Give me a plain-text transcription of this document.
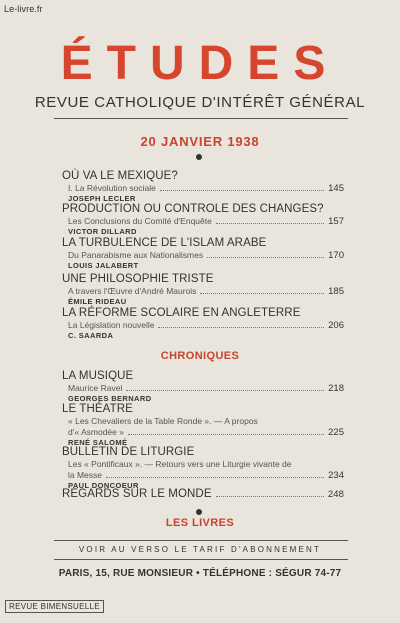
Le-livre.fr
ÉTUDES
REVUE CATHOLIQUE D'INTÉRÊT GÉNÉRAL
20 JANVIER 1938
OÙ VA LE MEXIQUE?
I. La Révolution sociale	145
JOSEPH LECLER
PRODUCTION OU CONTROLE DES CHANGES?
Les Conclusions du Comité d'Enquête	157
VICTOR DILLARD
LA TURBULENCE DE L'ISLAM ARABE
Du Panarabisme aux Nationalismes	170
LOUIS JALABERT
UNE PHILOSOPHIE TRISTE
A travers l'Œuvre d'André Maurois	185
ÉMILE RIDEAU
LA RÉFORME SCOLAIRE EN ANGLETERRE
La Législation nouvelle	206
C. SAARDA
CHRONIQUES
LA MUSIQUE
Maurice Ravel	218
GEORGES BERNARD
LE THÉATRE
« Les Chevaliers de la Table Ronde ». — A propos
d'« Asmodée »	225
RENÉ SALOMÉ
BULLETIN DE LITURGIE
Les « Pontificaux ». — Retours vers une Liturgie vivante de
la Messe	234
PAUL DONCOEUR
REGARDS SUR LE MONDE	248
LES LIVRES
VOIR AU VERSO LE TARIF D'ABONNEMENT
PARIS, 15, RUE MONSIEUR • TÉLÉPHONE : SÉGUR 74-77
REVUE BIMENSUELLE
